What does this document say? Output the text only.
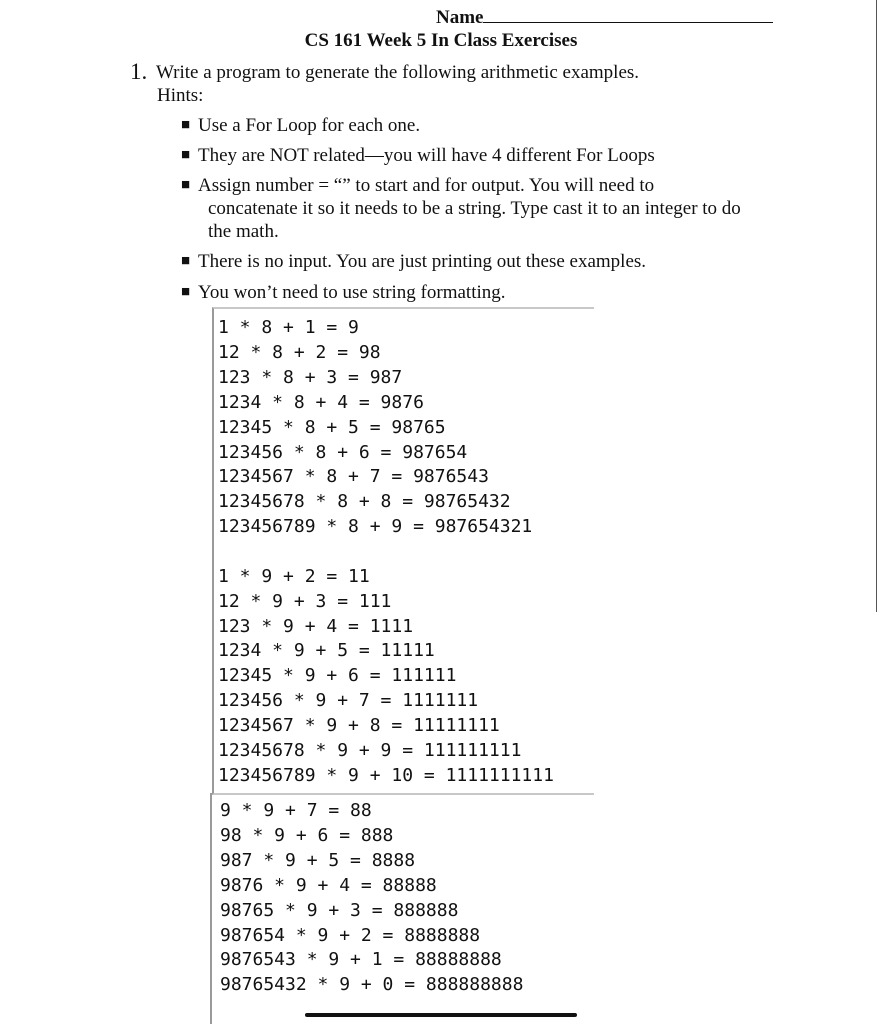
Name
CS 161 Week 5 In Class Exercises
1. Write a program to generate the following arithmetic examples.
Hints:
■ Use a For Loop for each one.
■ They are NOT related—you will have 4 different For Loops
■ Assign number = “” to start and for output. You will need to
concatenate it so it needs to be a string. Type cast it to an integer to do
the math.
■ There is no input. You are just printing out these examples.
■ You won’t need to use string formatting.
1 * 8 + 1 = 9
12 * 8 + 2 = 98
123 * 8 + 3 = 987
1234 * 8 + 4 = 9876
12345 * 8 + 5 = 98765
123456 * 8 + 6 = 987654
1234567 * 8 + 7 = 9876543
12345678 * 8 + 8 = 98765432
123456789 * 8 + 9 = 987654321
1 * 9 + 2 = 11
12 * 9 + 3 = 111
123 * 9 + 4 = 1111
1234 * 9 + 5 = 11111
12345 * 9 + 6 = 111111
123456 * 9 + 7 = 1111111
1234567 * 9 + 8 = 11111111
12345678 * 9 + 9 = 111111111
123456789 * 9 + 10 = 1111111111
9 * 9 + 7 = 88
98 * 9 + 6 = 888
987 * 9 + 5 = 8888
9876 * 9 + 4 = 88888
98765 * 9 + 3 = 888888
987654 * 9 + 2 = 8888888
9876543 * 9 + 1 = 88888888
98765432 * 9 + 0 = 888888888
